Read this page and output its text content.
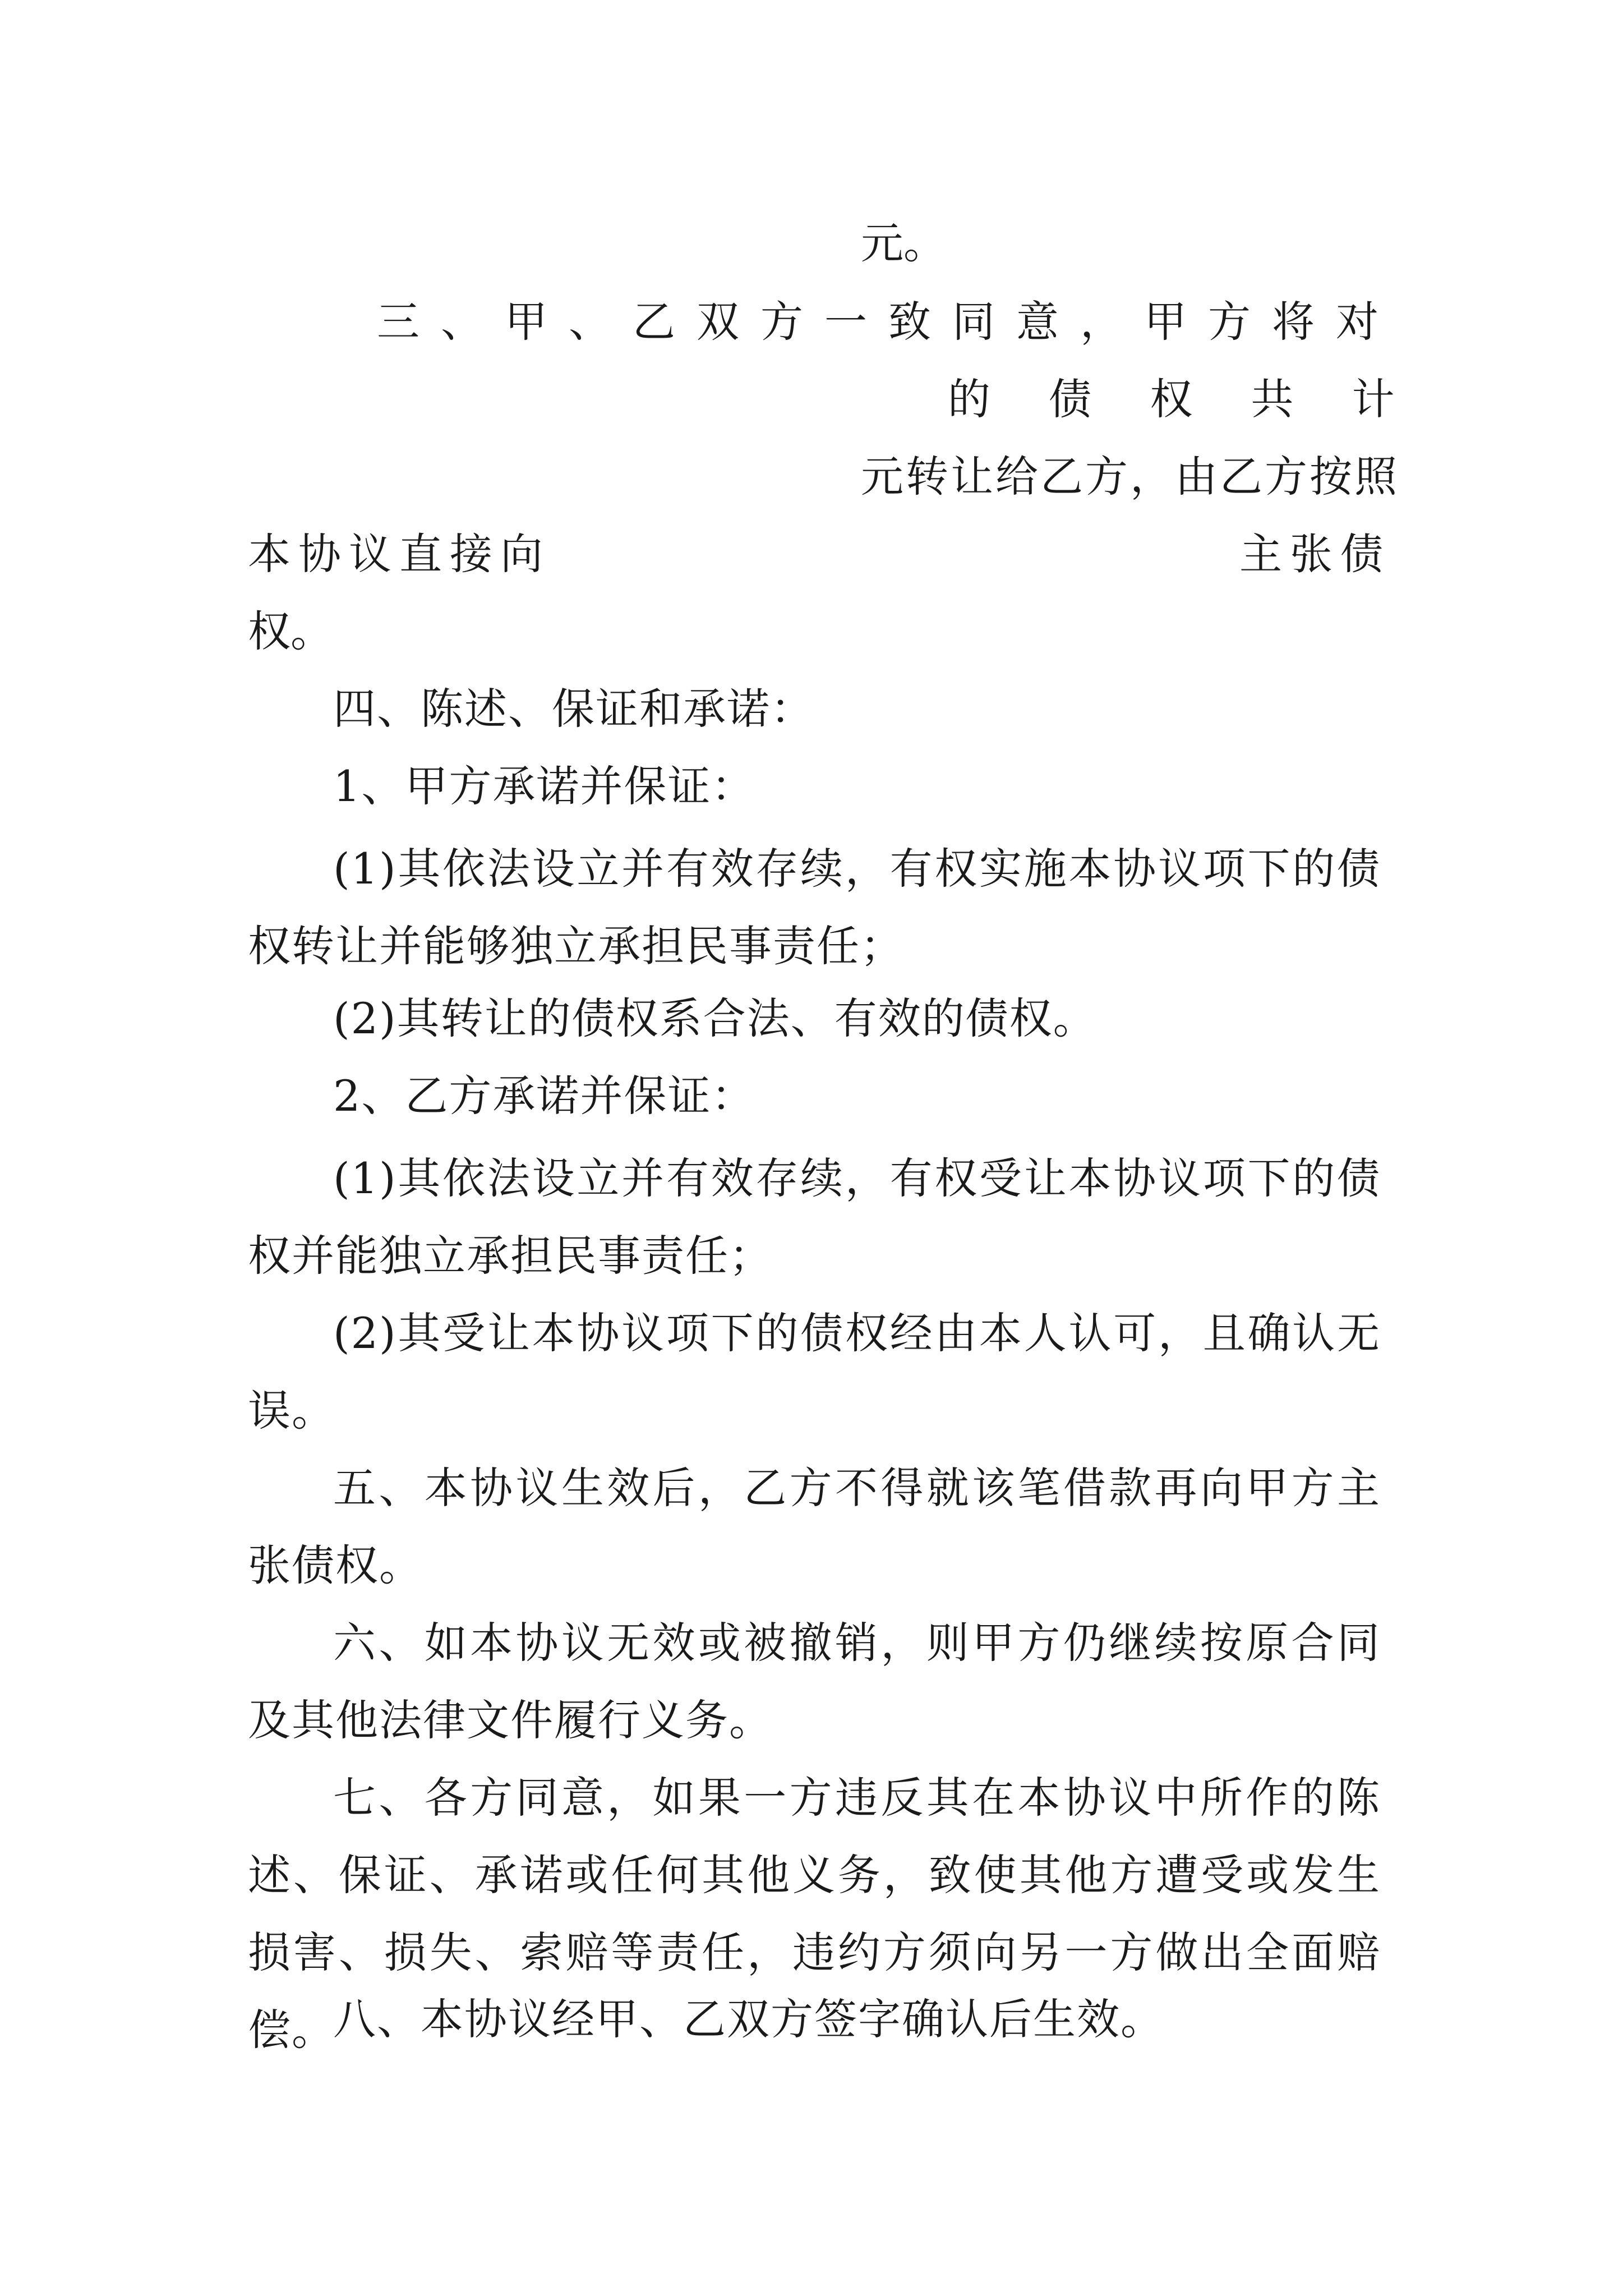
元。
三、甲、乙双方一致同意，甲方将对
的 债 权 共 计
元转让给乙方，由乙方按照
本协议直接向	主张债
权。
四、陈述、保证和承诺：
1、甲方承诺并保证：
(1)其依法设立并有效存续，有权实施本协议项下的债权转让并能够独立承担民事责任；
(2)其转让的债权系合法、有效的债权。
2、乙方承诺并保证：
(1)其依法设立并有效存续，有权受让本协议项下的债权并能独立承担民事责任；
(2)其受让本协议项下的债权经由本人认可，且确认无误。
五、本协议生效后，乙方不得就该笔借款再向甲方主张债权。
六、如本协议无效或被撤销，则甲方仍继续按原合同及其他法律文件履行义务。
七、各方同意，如果一方违反其在本协议中所作的陈述、保证、承诺或任何其他义务，致使其他方遭受或发生损害、损失、索赔等责任，违约方须向另一方做出全面赔偿。
八、本协议经甲、乙双方签字确认后生效。
